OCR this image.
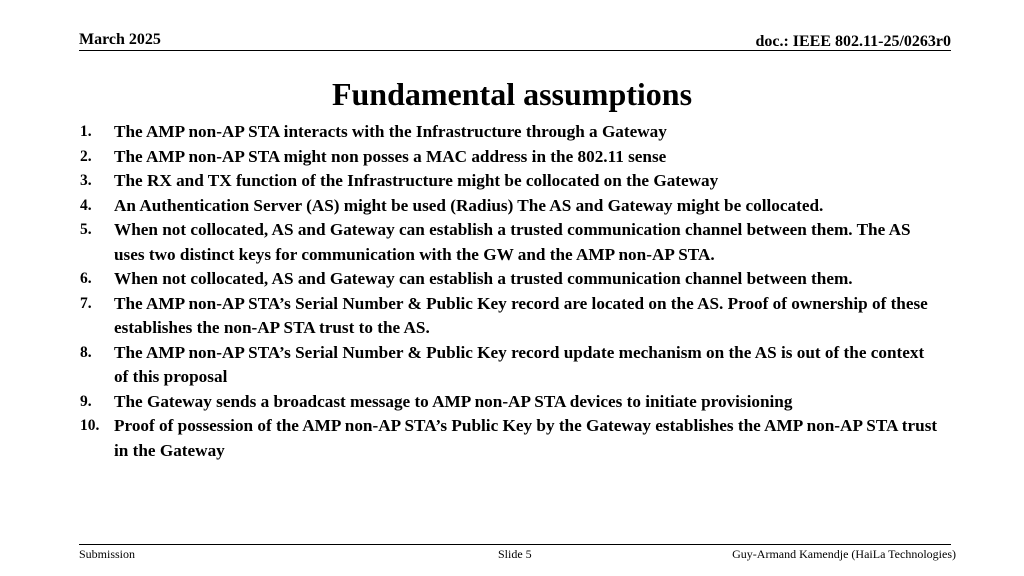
March 2025	doc.: IEEE 802.11-25/0263r0
Fundamental assumptions
1.	The AMP non-AP STA interacts with the Infrastructure through a Gateway
2.	The AMP non-AP STA might non posses a MAC address in the 802.11 sense
3.	The RX and TX function of the Infrastructure might be collocated on the Gateway
4.	An Authentication Server (AS) might be used (Radius) The AS and Gateway might be collocated.
5.	When not collocated, AS and Gateway can establish a trusted communication channel between them. The AS uses two distinct keys for communication with the GW and the AMP non-AP STA.
6.	When not collocated, AS and Gateway can establish a trusted communication channel between them.
7.	The AMP non-AP STA’s Serial Number & Public Key record are located on the AS. Proof of ownership of these establishes the non-AP STA trust to the AS.
8.	The AMP non-AP STA’s Serial Number & Public Key record update mechanism on the AS is out of the context of this proposal
9.	The Gateway sends a broadcast message to AMP non-AP STA devices to initiate provisioning
10. Proof of possession of the AMP non-AP STA’s Public Key by the Gateway establishes the AMP non-AP STA trust in the Gateway
Submission	Slide 5	Guy-Armand Kamendje (HaiLa Technologies)
